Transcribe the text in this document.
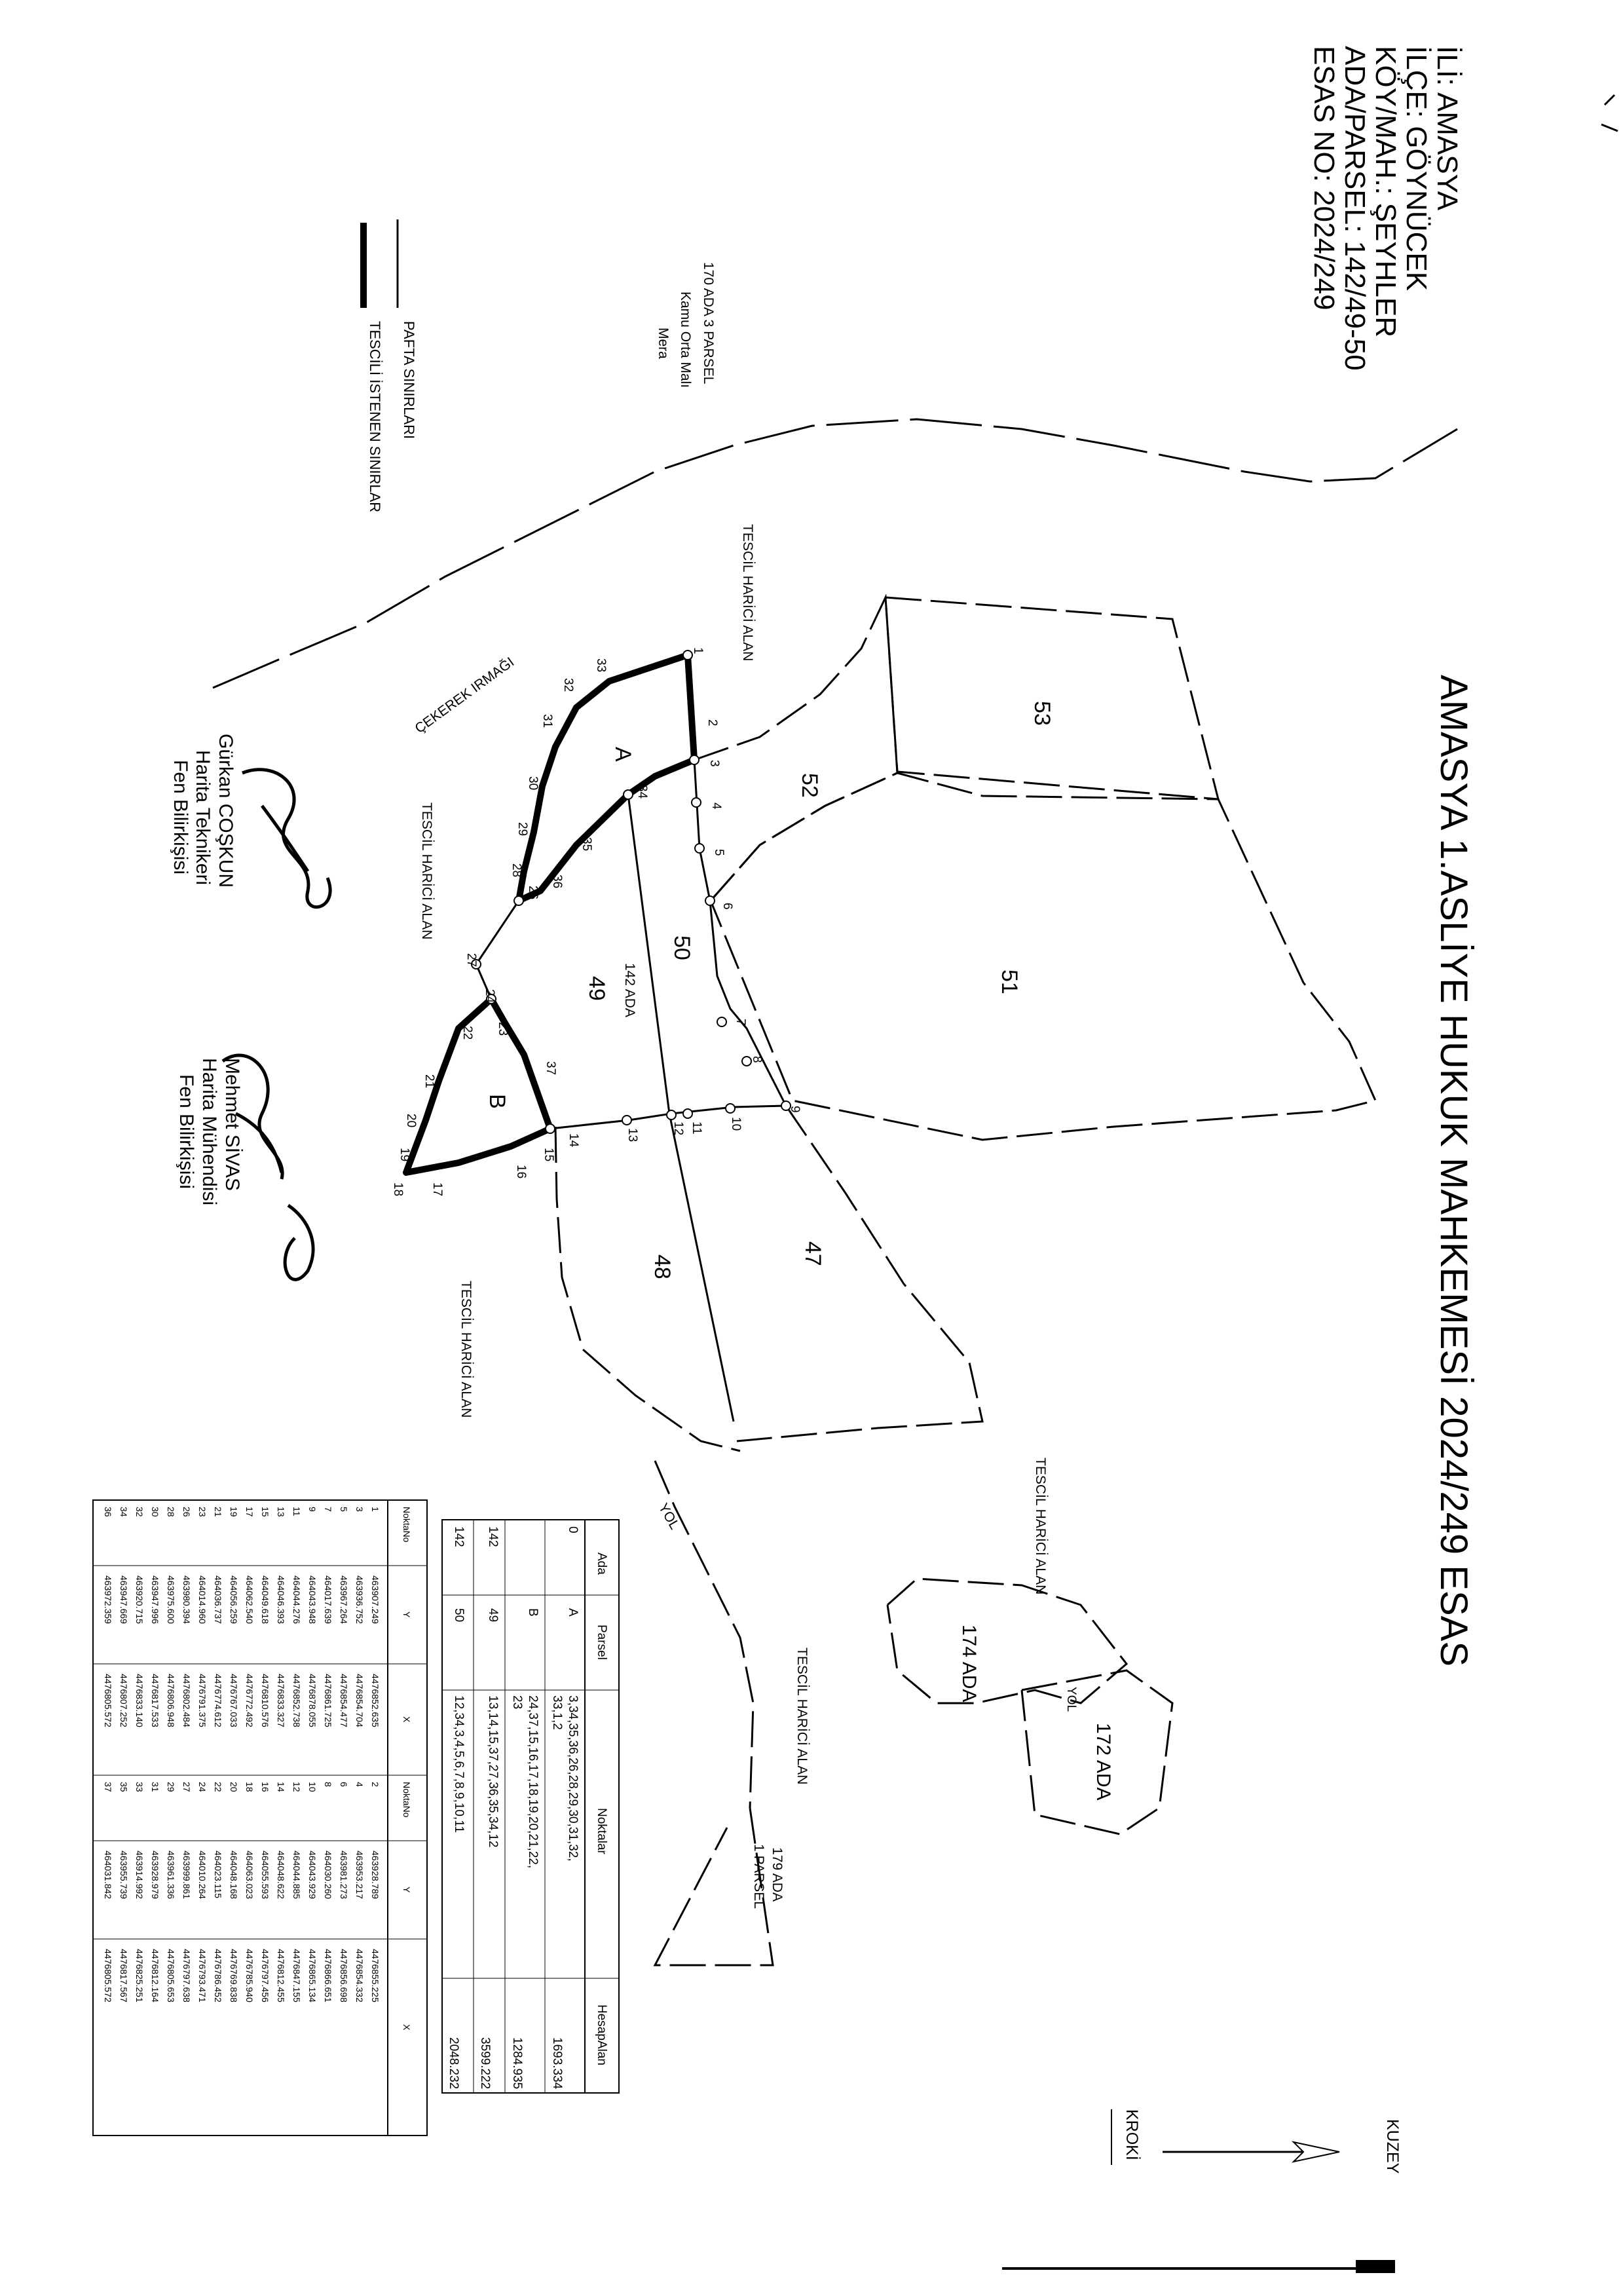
İLİ: AMASYA
İLÇE: GÖYNÜCEK
KÖY/MAH.: ŞEYHLER
ADA/PARSEL: 142/49-50
ESAS NO: 2024/249
AMASYA 1.ASLİYE HUKUK MAHKEMESİ 2024/249 ESAS
ÇEKEREK IRMAĞI
170 ADA 3 PARSEL
Kamu Orta Malı
Mera
PAFTA SINIRLARI
TESCİLİ İSTENEN SINIRLAR
1
2
3
4
5
6
7
8
9
10
11
12
13
14
15
16
17
18
19
20
21
22 23
24
26
27
28
29
30
31
32
33
34
35
36
37
53
52
51
50
49
48
47
A
B
142 ADA
TESCİL HARİCİ ALAN
TESCİL HARİCİ ALAN
TESCİL HARİCİ ALAN
TESCİL HARİCİ ALAN
TESCİL HARİCİ ALAN	174 ADA
172 ADA
179 ADA
1 PARSEL
YOL
YOL
Ada
Parsel
Noktalar
HesapAlan
0
A
3,34,35,36,26,28,29,30,31,32,
33,1,2
1693.334
B
24,37,15,16,17,18,19,20,21,22,
23
1284.935
142
49
13,14,15,37,27,36,35,34,12
3599.222
142
50
12,34,3,4,5,6,7,8,9,10,11
2048.232
NoktaNo
Y
X
NoktaNo
Y
X
1
463907.249
4476852.635
3
463936.752
4476854.704
5
463967.264
4476854.477
7
464017.639
4476861.725
9
464043.948
4476878.055
11
464044.276
4476852.738
13
464046.393
4476833.327
15
464049.618
4476810.576
17
464062.540
4476772.492
19
464056.259
4476767.033
21
464036.737
4476774.612
23
464014.960
4476791.375
26
463980.394
4476802.484
28
463975.600
4476806.948
30
463947.996
4476817.533
32
463920.715
4476833.140
34
463947.669
4476807.252
36
463972.359
4476805.572
2
463928.789
4476855.225
4
463953.217
4476854.332
6
463981.273
4476856.698
8
464030.260
4476866.651
10
464043.929
4476865.134
12
464044.885
4476847.155
14
464048.622
4476812.455
16
464055.593
4476797.456
18
464063.023
4476785.940
20
464048.168
4476769.838
22
464023.115
4476786.452
24
464010.264
4476793.471
27
463999.861
4476797.638
29
463961.336
4476805.653
31
463928.979
4476812.164
33
463914.992
4476825.251
35
463955.739
4476817.567
37
464031.842
4476805.572
Gürkan COŞKUN
Harita Teknikeri
Fen Bilirkişisi
Mehmet SİVAS
Harita Mühendisi
Fen Bilirkişisi
KUZEY
KROKİ
